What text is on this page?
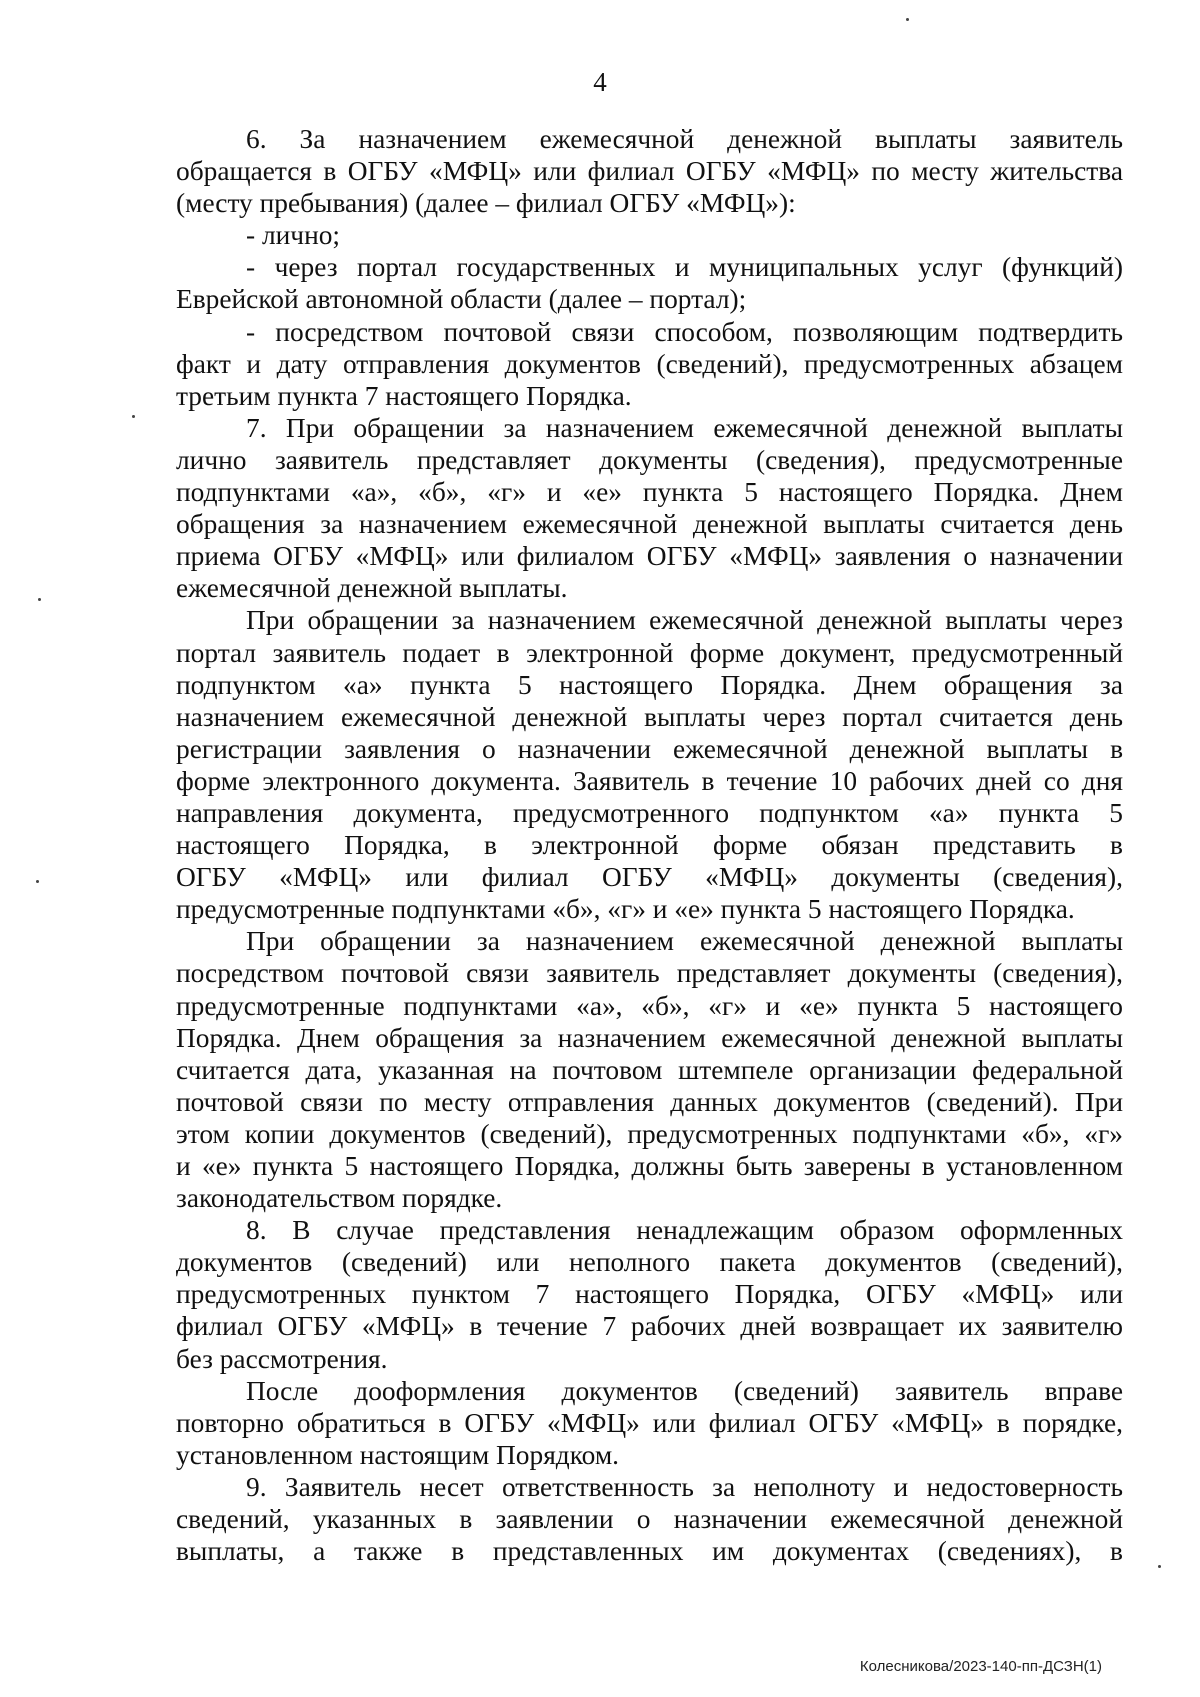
4
6. За назначением ежемесячной денежной выплаты заявитель
обращается в ОГБУ «МФЦ» или филиал ОГБУ «МФЦ» по месту жительства
(месту пребывания) (далее – филиал ОГБУ «МФЦ»):
- лично;
- через портал государственных и муниципальных услуг (функций)
Еврейской автономной области (далее – портал);
- посредством почтовой связи способом, позволяющим подтвердить
факт и дату отправления документов (сведений), предусмотренных абзацем
третьим пункта 7 настоящего Порядка.
7. При обращении за назначением ежемесячной денежной выплаты
лично заявитель представляет документы (сведения), предусмотренные
подпунктами «а», «б», «г» и «е» пункта 5 настоящего Порядка. Днем
обращения за назначением ежемесячной денежной выплаты считается день
приема ОГБУ «МФЦ» или филиалом ОГБУ «МФЦ» заявления о назначении
ежемесячной денежной выплаты.
При обращении за назначением ежемесячной денежной выплаты через
портал заявитель подает в электронной форме документ, предусмотренный
подпунктом «а» пункта 5 настоящего Порядка. Днем обращения за
назначением ежемесячной денежной выплаты через портал считается день
регистрации заявления о назначении ежемесячной денежной выплаты в
форме электронного документа. Заявитель в течение 10 рабочих дней со дня
направления документа, предусмотренного подпунктом «а» пункта 5
настоящего Порядка, в электронной форме обязан представить в
ОГБУ «МФЦ» или филиал ОГБУ «МФЦ» документы (сведения),
предусмотренные подпунктами «б», «г» и «е» пункта 5 настоящего Порядка.
При обращении за назначением ежемесячной денежной выплаты
посредством почтовой связи заявитель представляет документы (сведения),
предусмотренные подпунктами «а», «б», «г» и «е» пункта 5 настоящего
Порядка. Днем обращения за назначением ежемесячной денежной выплаты
считается дата, указанная на почтовом штемпеле организации федеральной
почтовой связи по месту отправления данных документов (сведений). При
этом копии документов (сведений), предусмотренных подпунктами «б», «г»
и «е» пункта 5 настоящего Порядка, должны быть заверены в установленном
законодательством порядке.
8. В случае представления ненадлежащим образом оформленных
документов (сведений) или неполного пакета документов (сведений),
предусмотренных пунктом 7 настоящего Порядка, ОГБУ «МФЦ» или
филиал ОГБУ «МФЦ» в течение 7 рабочих дней возвращает их заявителю
без рассмотрения.
После дооформления документов (сведений) заявитель вправе
повторно обратиться в ОГБУ «МФЦ» или филиал ОГБУ «МФЦ» в порядке,
установленном настоящим Порядком.
9. Заявитель несет ответственность за неполноту и недостоверность
сведений, указанных в заявлении о назначении ежемесячной денежной
выплаты, а также в представленных им документах (сведениях), в
Колесникова/2023-140-пп-ДСЗН(1)
